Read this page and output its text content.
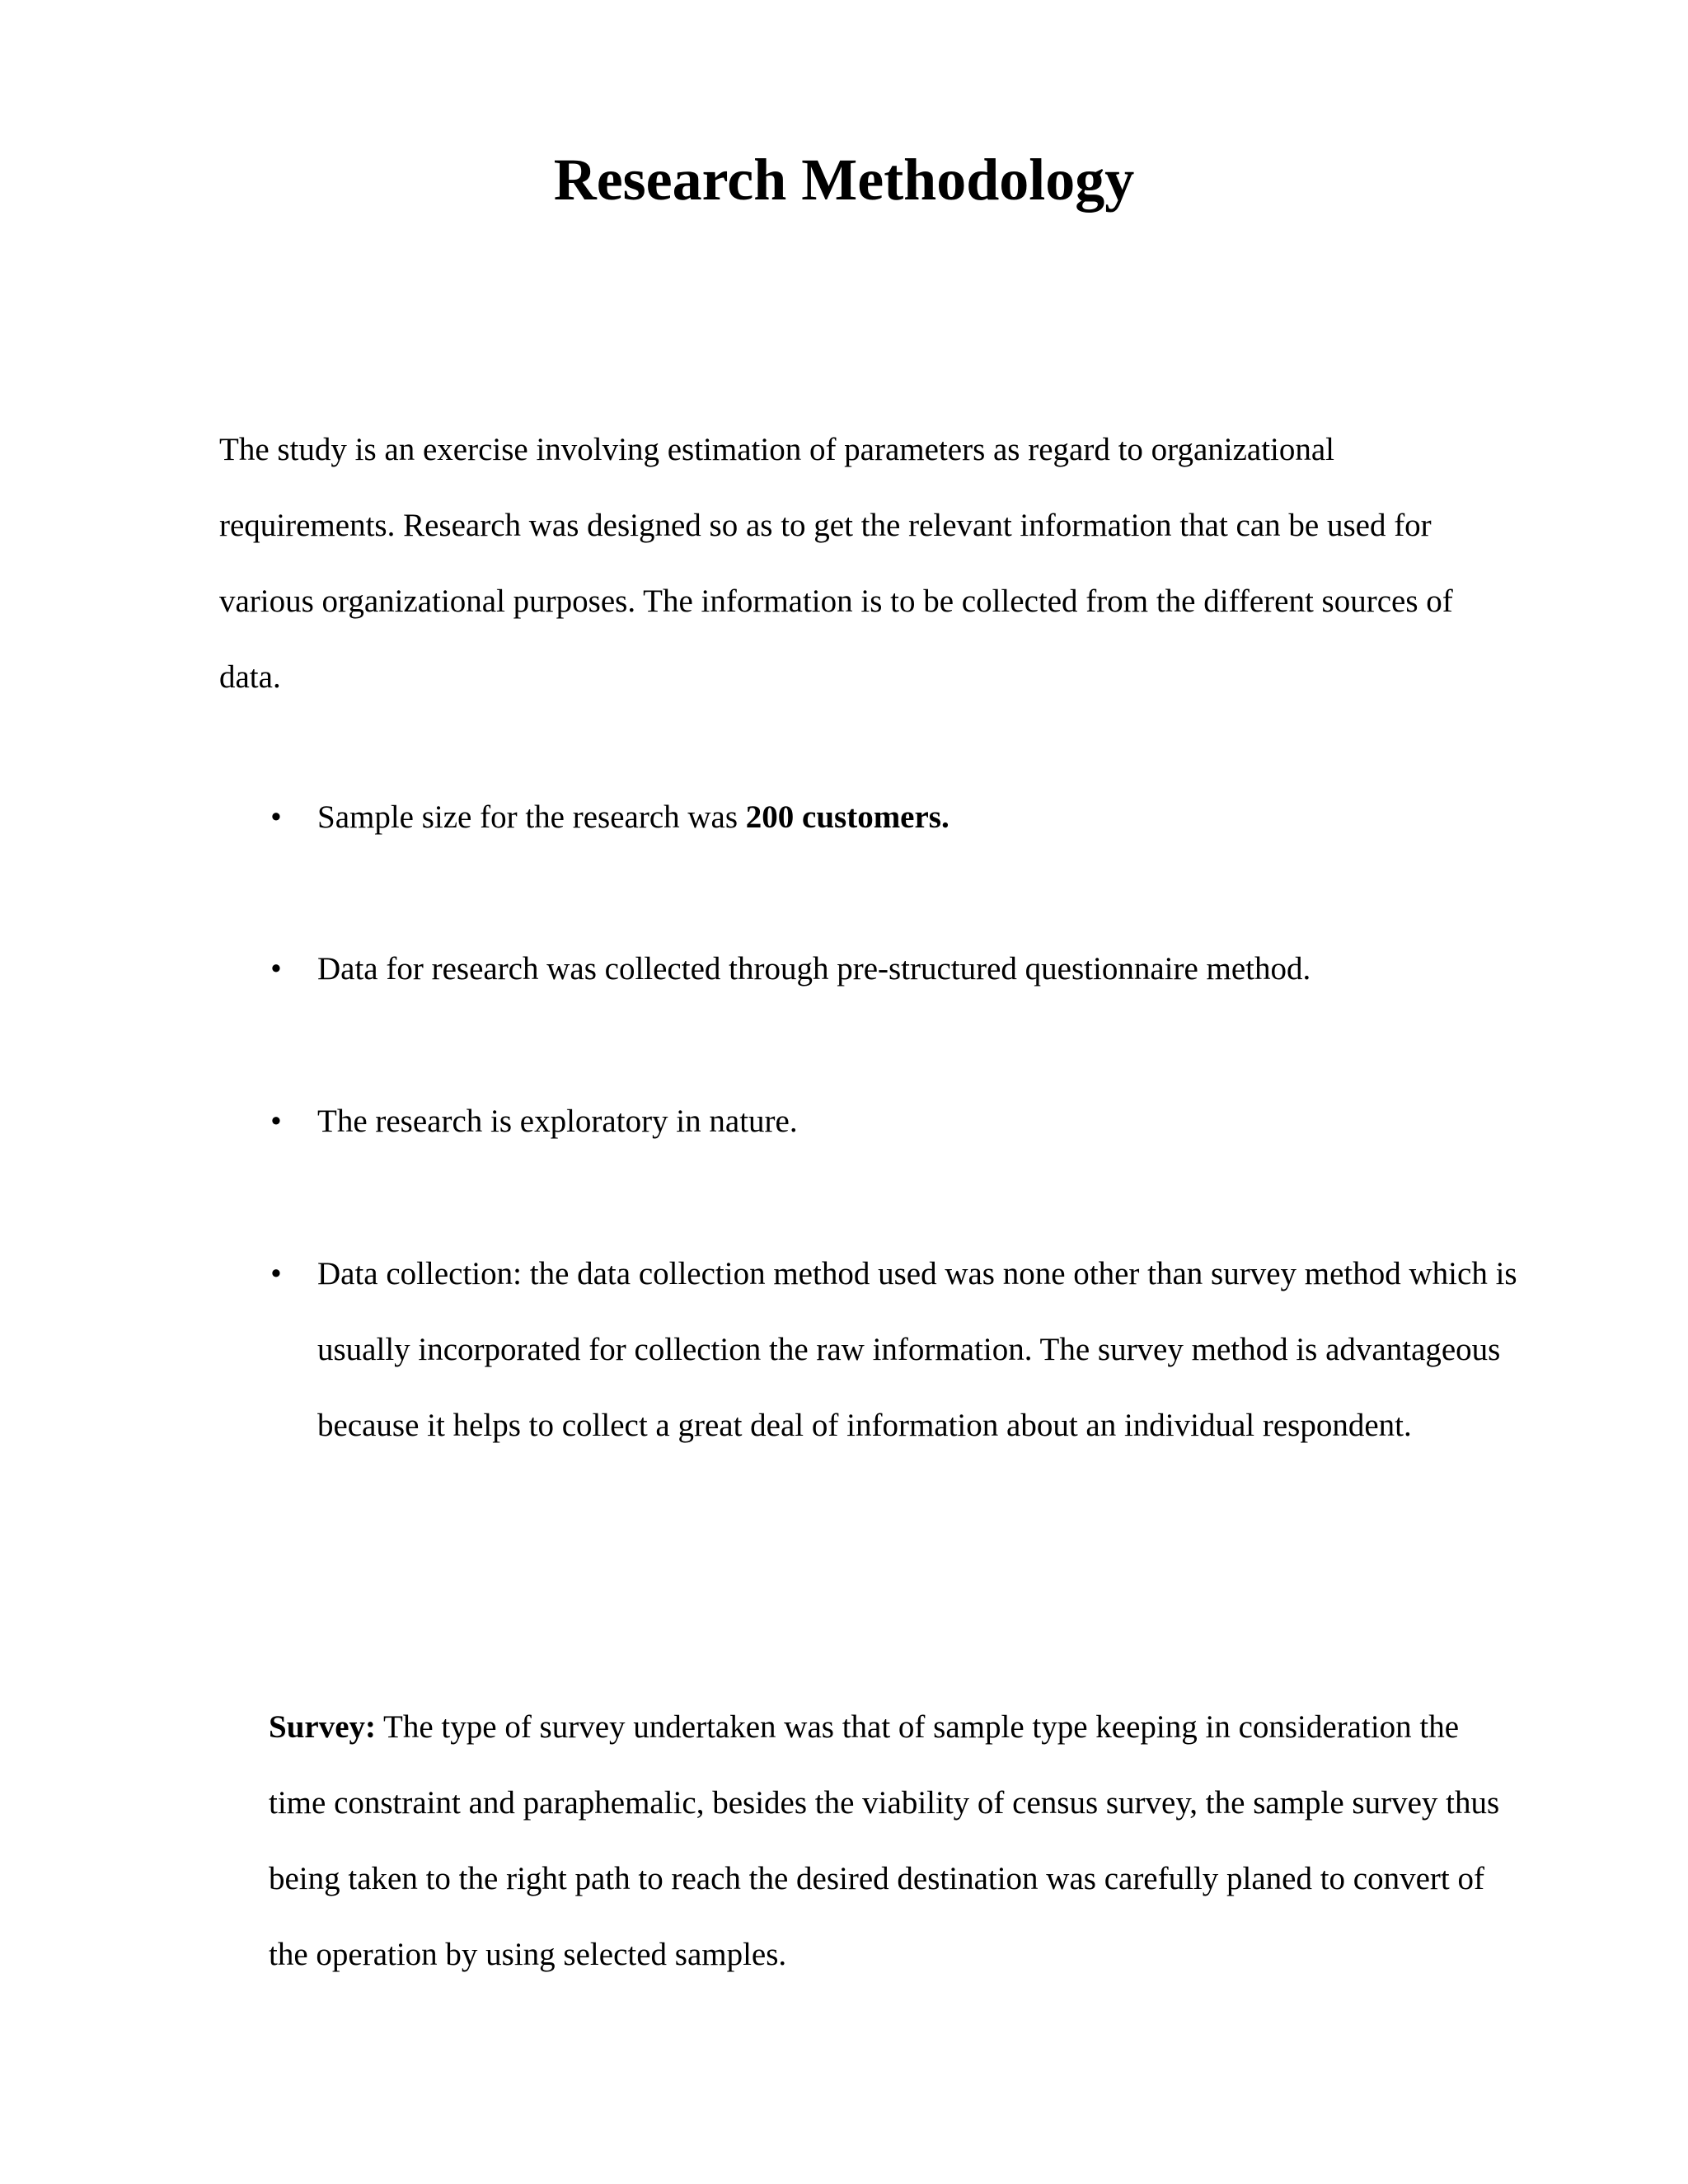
Research Methodology

The study is an exercise involving estimation of parameters as regard to organizational requirements. Research was designed so as to get the relevant information that can be used for various organizational purposes. The information is to be collected from the different sources of data.

• Sample size for the research was 200 customers.

• Data for research was collected through pre-structured questionnaire method.

• The research is exploratory in nature.

• Data collection: the data collection method used was none other than survey method which is usually incorporated for collection the raw information. The survey method is advantageous because it helps to collect a great deal of information about an individual respondent.

Survey: The type of survey undertaken was that of sample type keeping in consideration the time constraint and paraphemalic, besides the viability of census survey, the sample survey thus being taken to the right path to reach the desired destination was carefully planed to convert of the operation by using selected samples.
